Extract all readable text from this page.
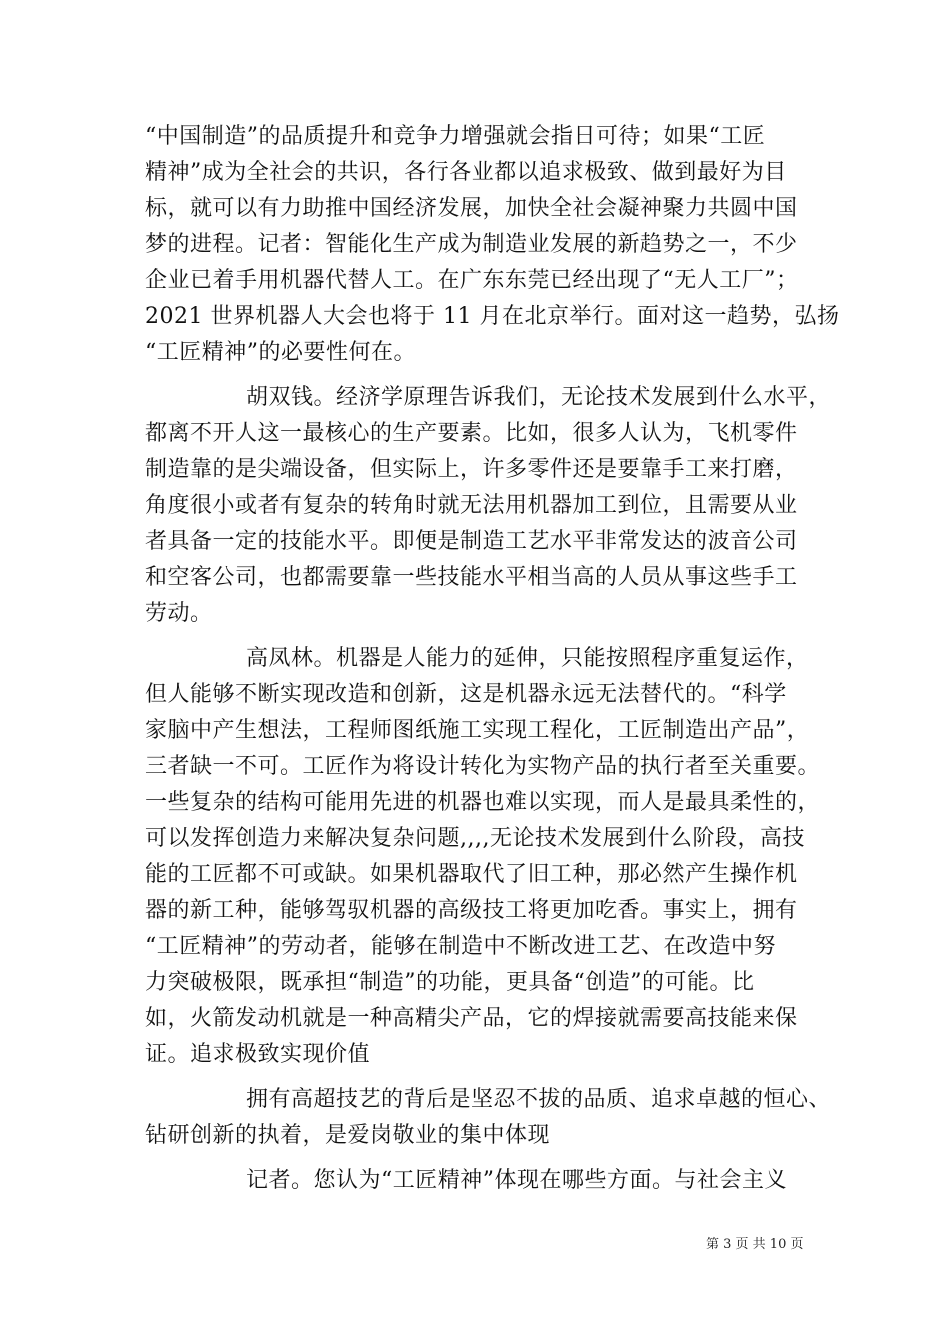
“中国制造”的品质提升和竞争力增强就会指日可待；如果“工匠
精神”成为全社会的共识，各行各业都以追求极致、做到最好为目
标，就可以有力助推中国经济发展，加快全社会凝神聚力共圆中国
梦的进程。记者：智能化生产成为制造业发展的新趋势之一，不少
企业已着手用机器代替人工。在广东东莞已经出现了“无人工厂”；
2021 世界机器人大会也将于 11 月在北京举行。面对这一趋势，弘扬
“工匠精神”的必要性何在。
胡双钱。经济学原理告诉我们，无论技术发展到什么水平，
都离不开人这一最核心的生产要素。比如，很多人认为，飞机零件
制造靠的是尖端设备，但实际上，许多零件还是要靠手工来打磨，
角度很小或者有复杂的转角时就无法用机器加工到位，且需要从业
者具备一定的技能水平。即便是制造工艺水平非常发达的波音公司
和空客公司，也都需要靠一些技能水平相当高的人员从事这些手工
劳动。
高凤林。机器是人能力的延伸，只能按照程序重复运作，
但人能够不断实现改造和创新，这是机器永远无法替代的。“科学
家脑中产生想法，工程师图纸施工实现工程化，工匠制造出产品”，
三者缺一不可。工匠作为将设计转化为实物产品的执行者至关重要。
一些复杂的结构可能用先进的机器也难以实现，而人是最具柔性的，
可以发挥创造力来解决复杂问题,,,,无论技术发展到什么阶段，高技
能的工匠都不可或缺。如果机器取代了旧工种，那必然产生操作机
器的新工种，能够驾驭机器的高级技工将更加吃香。事实上，拥有
“工匠精神”的劳动者，能够在制造中不断改进工艺、在改造中努
力突破极限，既承担“制造”的功能，更具备“创造”的可能。比
如，火箭发动机就是一种高精尖产品，它的焊接就需要高技能来保
证。追求极致实现价值
拥有高超技艺的背后是坚忍不拔的品质、追求卓越的恒心、
钻研创新的执着，是爱岗敬业的集中体现
记者。您认为“工匠精神”体现在哪些方面。与社会主义
第 3 页 共 10 页
